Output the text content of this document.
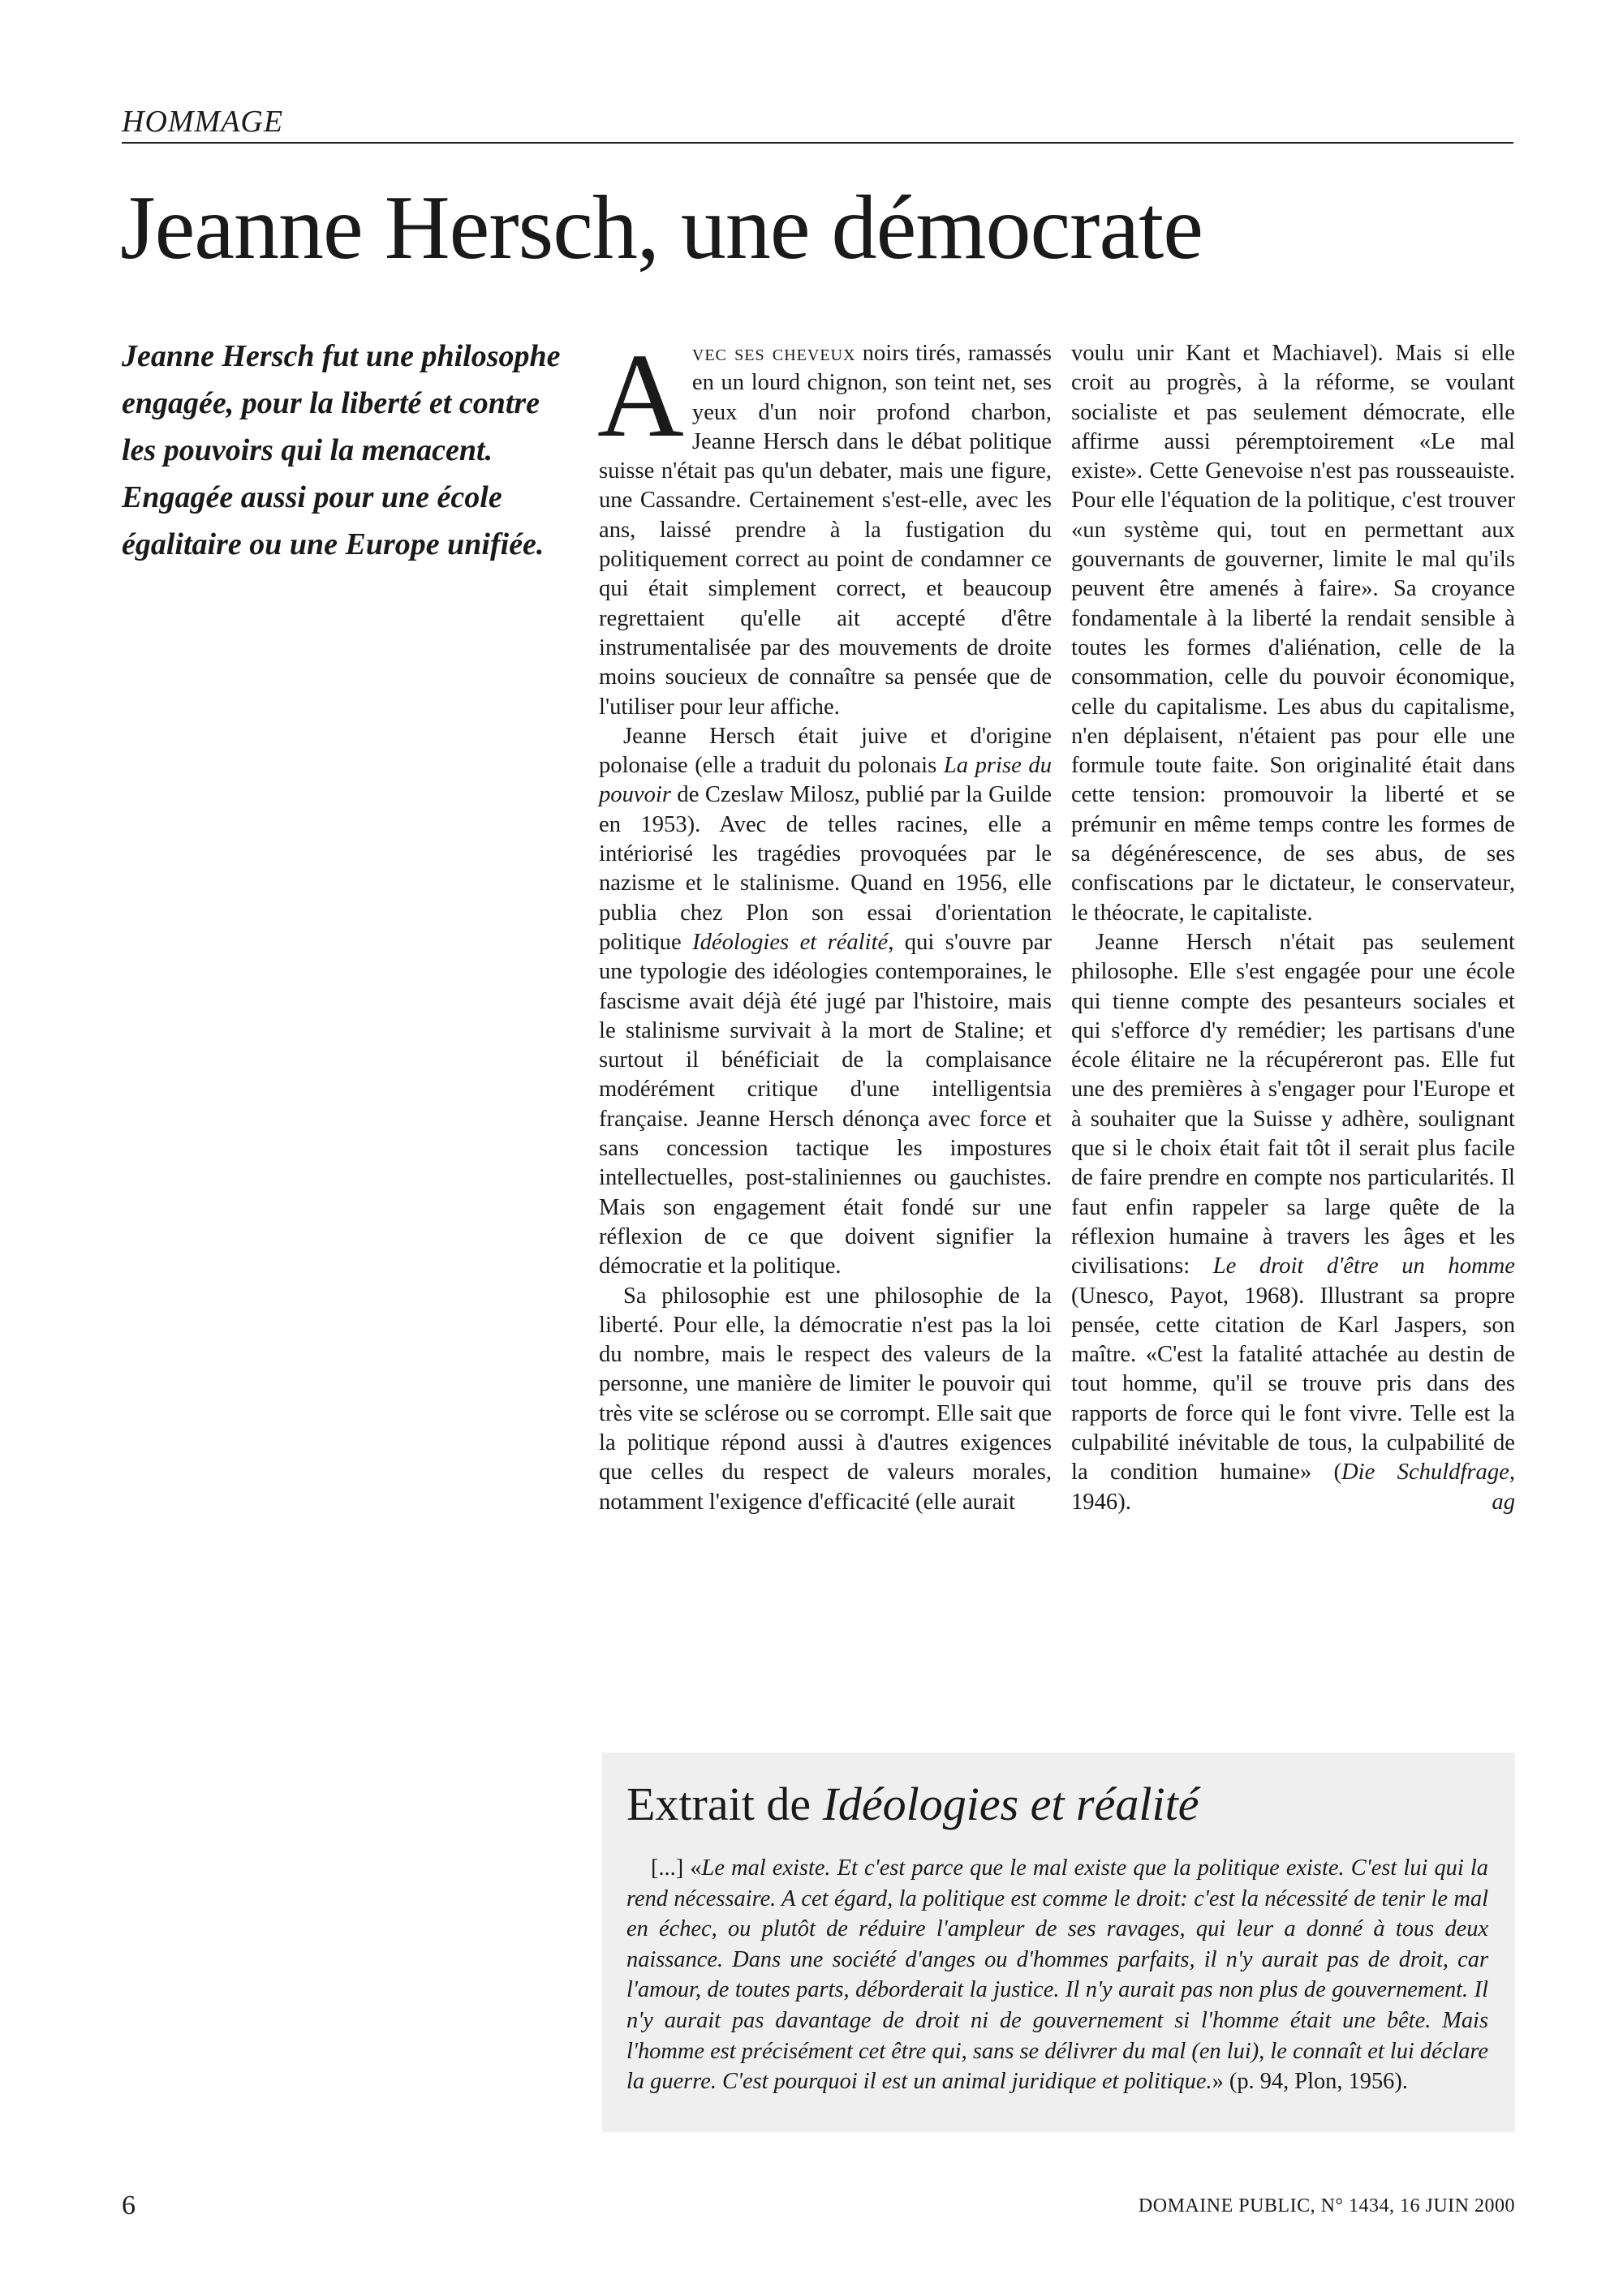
HOMMAGE
Jeanne Hersch, une démocrate

Jeanne Hersch fut une philosophe engagée, pour la liberté et contre les pouvoirs qui la menacent.

Engagée aussi pour une école égalitaire ou une Europe unifiée.

Avec ses cheveux noirs tirés, ramassés en un lourd chignon, son teint net, ses yeux d'un noir profond charbon, Jeanne Hersch dans le débat politique suisse n'était pas qu'un debater, mais une figure, une Cassandre. Certainement s'est-elle, avec les ans, laissé prendre à la fustigation du politiquement correct au point de condamner ce qui était simplement correct, et beaucoup regrettaient qu'elle ait accepté d'être instrumentalisée par des mouvements de droite moins soucieux de connaître sa pensée que de l'utiliser pour leur affiche.

Jeanne Hersch était juive et d'origine polonaise (elle a traduit du polonais La prise du pouvoir de Czeslaw Milosz, publié par la Guilde en 1953). Avec de telles racines, elle a intériorisé les tragédies provoquées par le nazisme et le stalinisme. Quand en 1956, elle publia chez Plon son essai d'orientation politique Idéologies et réalité, qui s'ouvre par une typologie des idéologies contemporaines, le fascisme avait déjà été jugé par l'histoire, mais le stalinisme survivait à la mort de Staline; et surtout il bénéficiait de la complaisance modérément critique d'une intelligentsia française. Jeanne Hersch dénonça avec force et sans concession tactique les impostures intellectuelles, post-staliniennes ou gauchistes. Mais son engagement était fondé sur une réflexion de ce que doivent signifier la démocratie et la politique.

Sa philosophie est une philosophie de la liberté. Pour elle, la démocratie n'est pas la loi du nombre, mais le respect des valeurs de la personne, une manière de limiter le pouvoir qui très vite se sclérose ou se corrompt. Elle sait que la politique répond aussi à d'autres exigences que celles du respect de valeurs morales, notamment l'exigence d'efficacité (elle aurait

voulu unir Kant et Machiavel). Mais si elle croit au progrès, à la réforme, se voulant socialiste et pas seulement démocrate, elle affirme aussi péremptoirement «Le mal existe». Cette Genevoise n'est pas rousseauiste. Pour elle l'équation de la politique, c'est trouver «un système qui, tout en permettant aux gouvernants de gouverner, limite le mal qu'ils peuvent être amenés à faire». Sa croyance fondamentale à la liberté la rendait sensible à toutes les formes d'aliénation, celle de la consommation, celle du pouvoir économique, celle du capitalisme. Les abus du capitalisme, n'en déplaisent, n'étaient pas pour elle une formule toute faite. Son originalité était dans cette tension: promouvoir la liberté et se prémunir en même temps contre les formes de sa dégénérescence, de ses abus, de ses confiscations par le dictateur, le conservateur, le théocrate, le capitaliste.

Jeanne Hersch n'était pas seulement philosophe. Elle s'est engagée pour une école qui tienne compte des pesanteurs sociales et qui s'efforce d'y remédier; les partisans d'une école élitaire ne la récupéreront pas. Elle fut une des premières à s'engager pour l'Europe et à souhaiter que la Suisse y adhère, soulignant que si le choix était fait tôt il serait plus facile de faire prendre en compte nos particularités. Il faut enfin rappeler sa large quête de la réflexion humaine à travers les âges et les civilisations: Le droit d'être un homme (Unesco, Payot, 1968). Illustrant sa propre pensée, cette citation de Karl Jaspers, son maître. «C'est la fatalité attachée au destin de tout homme, qu'il se trouve pris dans des rapports de force qui le font vivre. Telle est la culpabilité inévitable de tous, la culpabilité de la condition humaine» (Die Schuldfrage, 1946).	ag

Extrait de Idéologies et réalité

[...] «Le mal existe. Et c'est parce que le mal existe que la politique existe. C'est lui qui la rend nécessaire. A cet égard, la politique est comme le droit: c'est la nécessité de tenir le mal en échec, ou plutôt de réduire l'ampleur de ses ravages, qui leur a donné à tous deux naissance. Dans une société d'anges ou d'hommes parfaits, il n'y aurait pas de droit, car l'amour, de toutes parts, déborderait la justice. Il n'y aurait pas non plus de gouvernement. Il n'y aurait pas davantage de droit ni de gouvernement si l'homme était une bête. Mais l'homme est précisément cet être qui, sans se délivrer du mal (en lui), le connaît et lui déclare la guerre. C'est pourquoi il est un animal juridique et politique.» (p. 94, Plon, 1956).

6	DOMAINE PUBLIC, N° 1434, 16 JUIN 2000
